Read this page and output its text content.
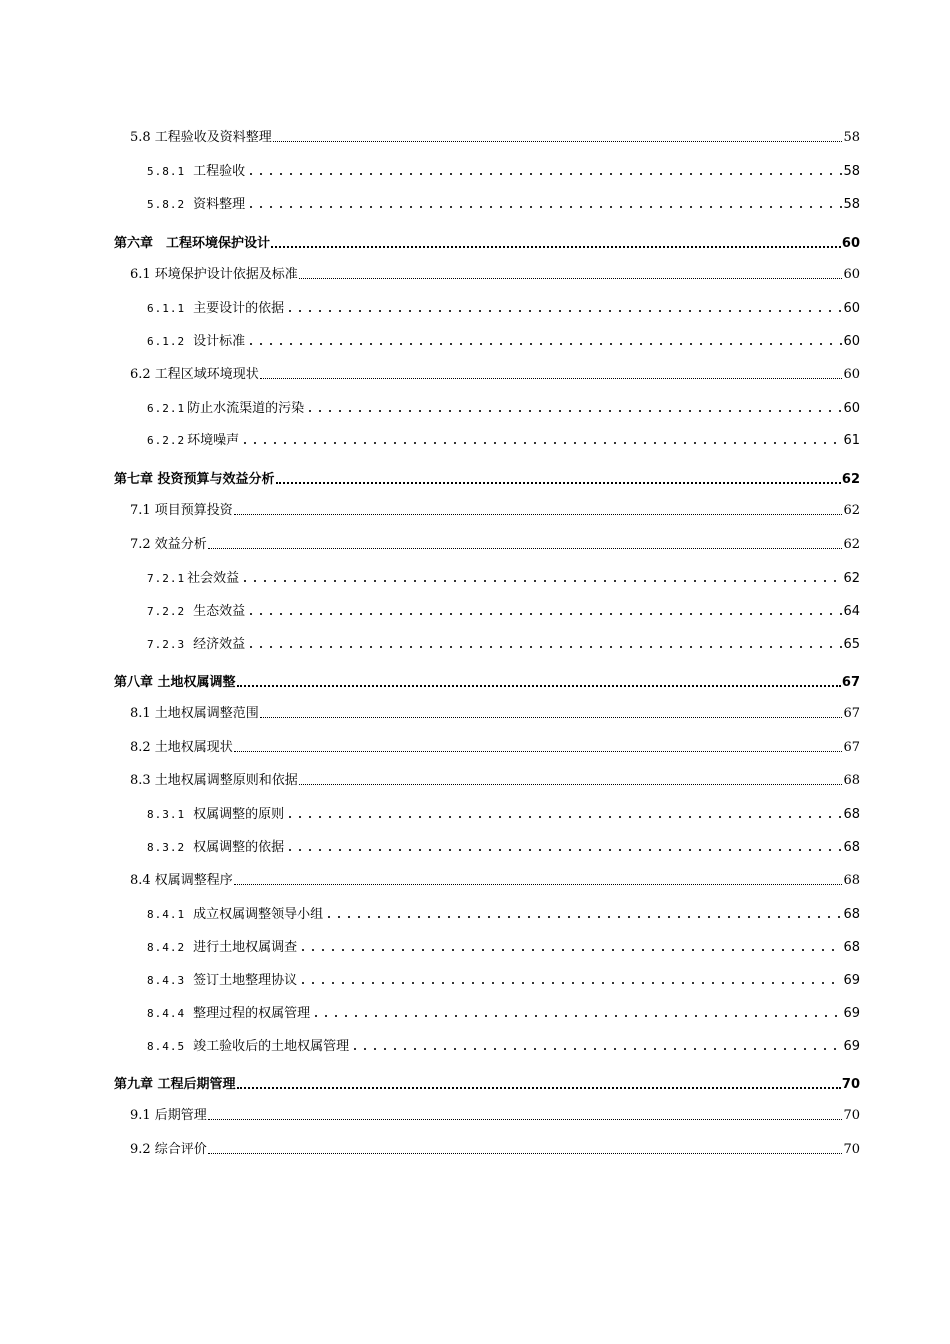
5.8 工程验收及资料整理	58
5.8.1 工程验收	58
5.8.2 资料整理	58
第六章　工程环境保护设计	60
6.1 环境保护设计依据及标准	60
6.1.1 主要设计的依据	60
6.1.2 设计标准	60
6.2 工程区域环境现状	60
6.2.1 防止水流渠道的污染	60
6.2.2 环境噪声	61
第七章 投资预算与效益分析	62
7.1 项目预算投资	62
7.2 效益分析	62
7.2.1 社会效益	62
7.2.2 生态效益	64
7.2.3 经济效益	65
第八章 土地权属调整	67
8.1 土地权属调整范围	67
8.2 土地权属现状	67
8.3 土地权属调整原则和依据	68
8.3.1 权属调整的原则	68
8.3.2 权属调整的依据	68
8.4 权属调整程序	68
8.4.1 成立权属调整领导小组	68
8.4.2 进行土地权属调查	68
8.4.3 签订土地整理协议	69
8.4.4 整理过程的权属管理	69
8.4.5 竣工验收后的土地权属管理	69
第九章 工程后期管理	70
9.1 后期管理	70
9.2 综合评价	70
